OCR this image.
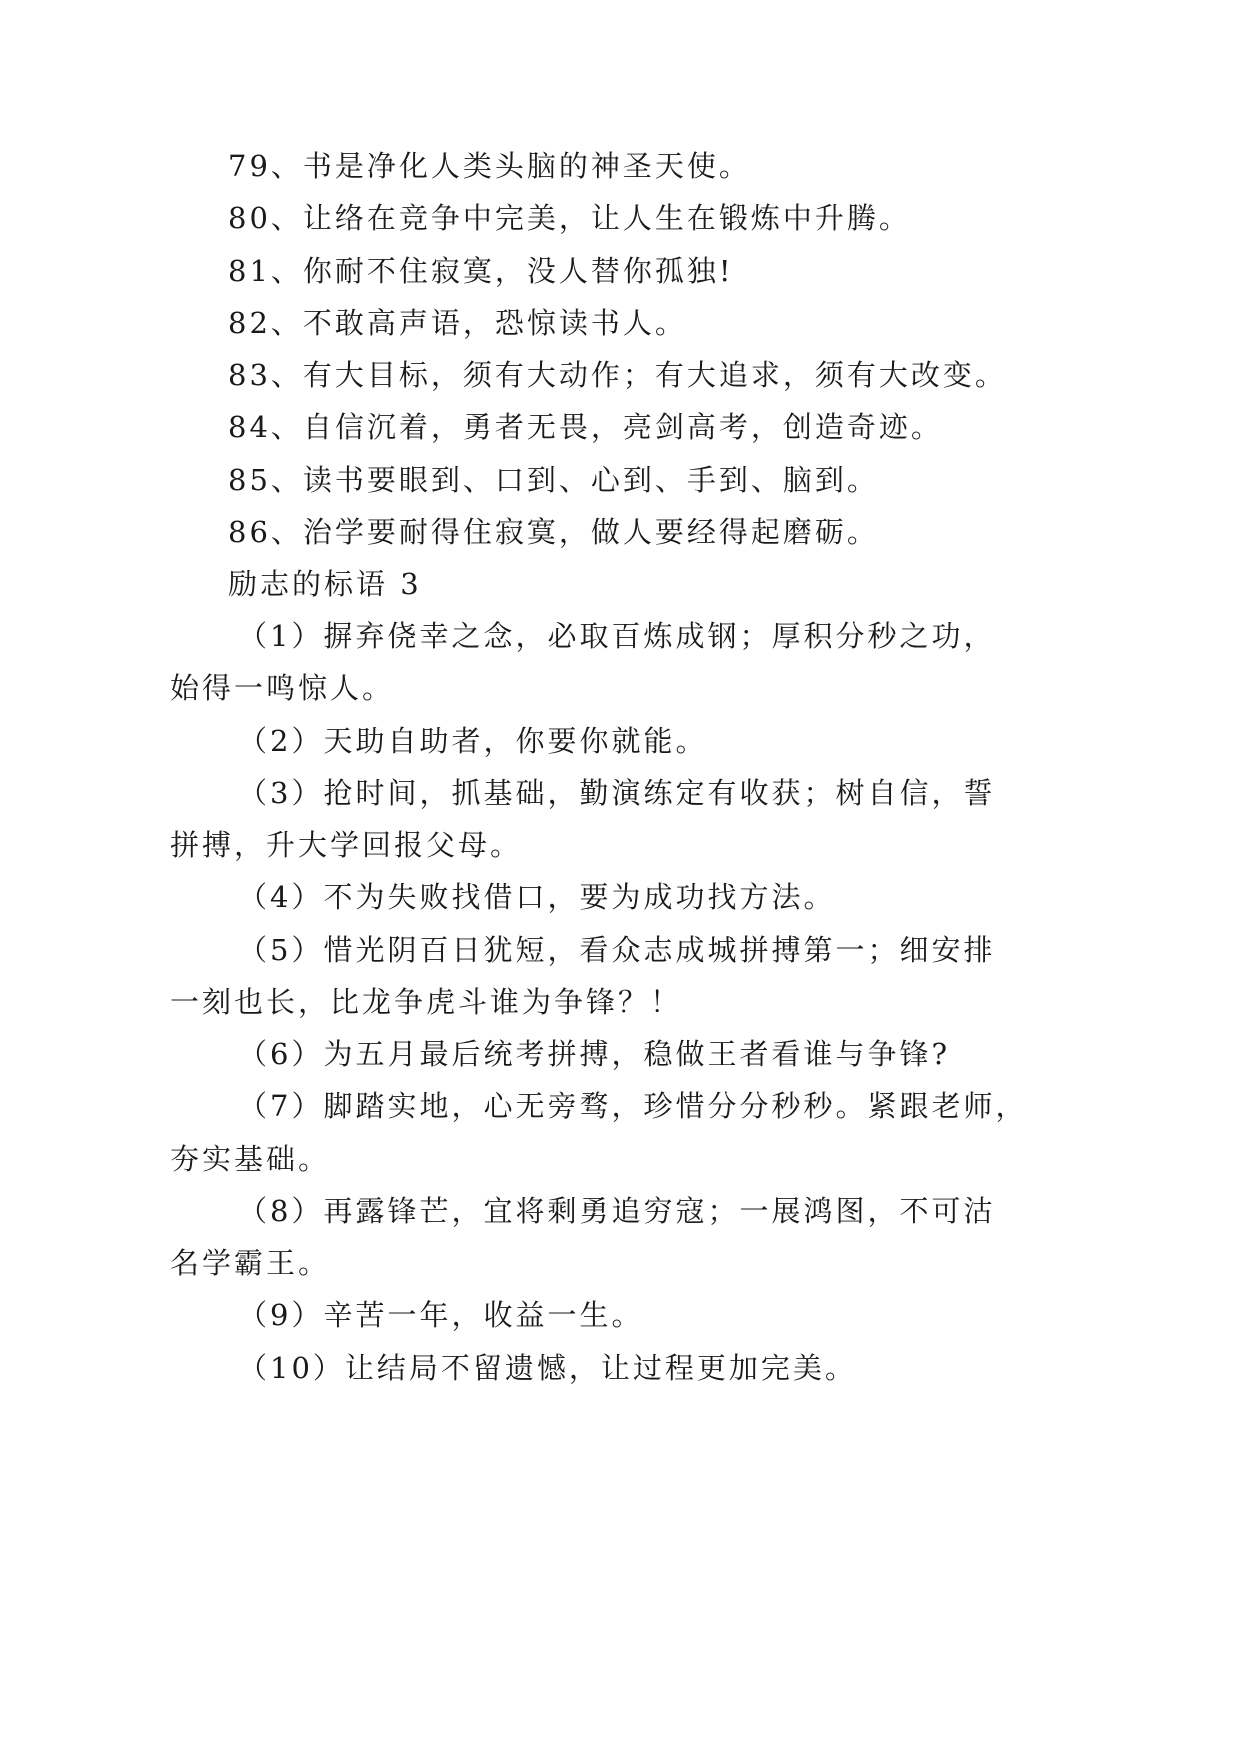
79、书是净化人类头脑的神圣天使。
80、让络在竞争中完美，让人生在锻炼中升腾。
81、你耐不住寂寞，没人替你孤独!
82、不敢高声语，恐惊读书人。
83、有大目标，须有大动作；有大追求，须有大改变。
84、自信沉着，勇者无畏，亮剑高考，创造奇迹。
85、读书要眼到、口到、心到、手到、脑到。
86、治学要耐得住寂寞，做人要经得起磨砺。
励志的标语 3
（1）摒弃侥幸之念，必取百炼成钢；厚积分秒之功，
始得一鸣惊人。
（2）天助自助者，你要你就能。
（3）抢时间，抓基础，勤演练定有收获；树自信，誓
拼搏，升大学回报父母。
（4）不为失败找借口，要为成功找方法。
（5）惜光阴百日犹短，看众志成城拼搏第一；细安排
一刻也长，比龙争虎斗谁为争锋？！
（6）为五月最后统考拼搏，稳做王者看谁与争锋?
（7）脚踏实地，心无旁骛，珍惜分分秒秒。紧跟老师，
夯实基础。
（8）再露锋芒，宜将剩勇追穷寇；一展鸿图，不可沽
名学霸王。
（9）辛苦一年，收益一生。
（10）让结局不留遗憾，让过程更加完美。
